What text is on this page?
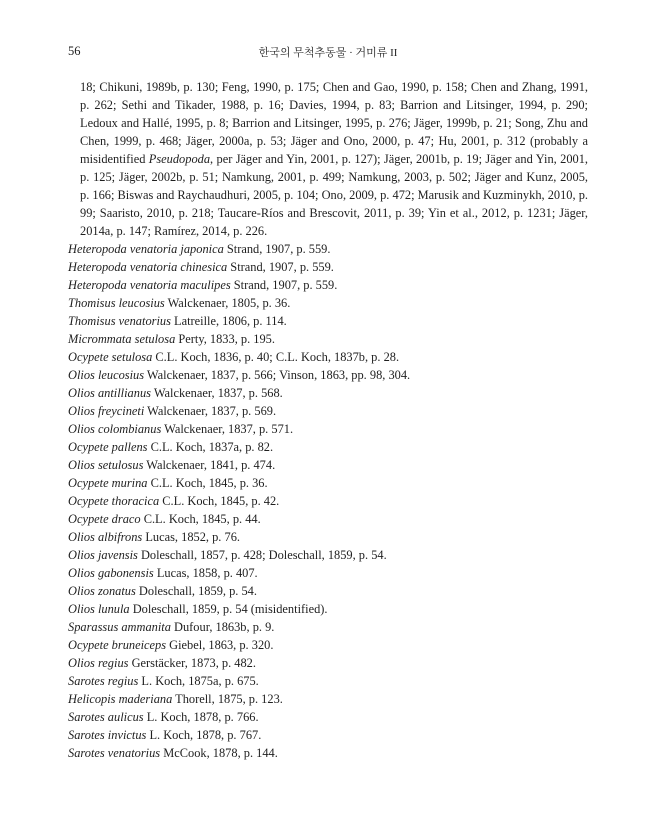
56	한국의 무척추동물 · 거미류 II

18; Chikuni, 1989b, p. 130; Feng, 1990, p. 175; Chen and Gao, 1990, p. 158; Chen and Zhang, 1991, p. 262; Sethi and Tikader, 1988, p. 16; Davies, 1994, p. 83; Barrion and Litsinger, 1994, p. 290; Ledoux and Hallé, 1995, p. 8; Barrion and Litsinger, 1995, p. 276; Jäger, 1999b, p. 21; Song, Zhu and Chen, 1999, p. 468; Jäger, 2000a, p. 53; Jäger and Ono, 2000, p. 47; Hu, 2001, p. 312 (probably a misidentified Pseudopoda, per Jäger and Yin, 2001, p. 127); Jäger, 2001b, p. 19; Jäger and Yin, 2001, p. 125; Jäger, 2002b, p. 51; Namkung, 2001, p. 499; Namkung, 2003, p. 502; Jäger and Kunz, 2005, p. 166; Biswas and Raychaudhuri, 2005, p. 104; Ono, 2009, p. 472; Marusik and Kuzminykh, 2010, p. 99; Saaristo, 2010, p. 218; Taucare-Ríos and Brescovit, 2011, p. 39; Yin et al., 2012, p. 1231; Jäger, 2014a, p. 147; Ramírez, 2014, p. 226.

Heteropoda venatoria japonica Strand, 1907, p. 559.

Heteropoda venatoria chinesica Strand, 1907, p. 559.

Heteropoda venatoria maculipes Strand, 1907, p. 559.

Thomisus leucosius Walckenaer, 1805, p. 36.

Thomisus venatorius Latreille, 1806, p. 114.

Micrommata setulosa Perty, 1833, p. 195.

Ocypete setulosa C.L. Koch, 1836, p. 40; C.L. Koch, 1837b, p. 28.

Olios leucosius Walckenaer, 1837, p. 566; Vinson, 1863, pp. 98, 304.

Olios antillianus Walckenaer, 1837, p. 568.

Olios freycineti Walckenaer, 1837, p. 569.

Olios colombianus Walckenaer, 1837, p. 571.

Ocypete pallens C.L. Koch, 1837a, p. 82.

Olios setulosus Walckenaer, 1841, p. 474.

Ocypete murina C.L. Koch, 1845, p. 36.

Ocypete thoracica C.L. Koch, 1845, p. 42.

Ocypete draco C.L. Koch, 1845, p. 44.

Olios albifrons Lucas, 1852, p. 76.

Olios javensis Doleschall, 1857, p. 428; Doleschall, 1859, p. 54.

Olios gabonensis Lucas, 1858, p. 407.

Olios zonatus Doleschall, 1859, p. 54.

Olios lunula Doleschall, 1859, p. 54 (misidentified).

Sparassus ammanita Dufour, 1863b, p. 9.

Ocypete bruneiceps Giebel, 1863, p. 320.

Olios regius Gerstäcker, 1873, p. 482.

Sarotes regius L. Koch, 1875a, p. 675.

Helicopis maderiana Thorell, 1875, p. 123.

Sarotes aulicus L. Koch, 1878, p. 766.

Sarotes invictus L. Koch, 1878, p. 767.

Sarotes venatorius McCook, 1878, p. 144.
